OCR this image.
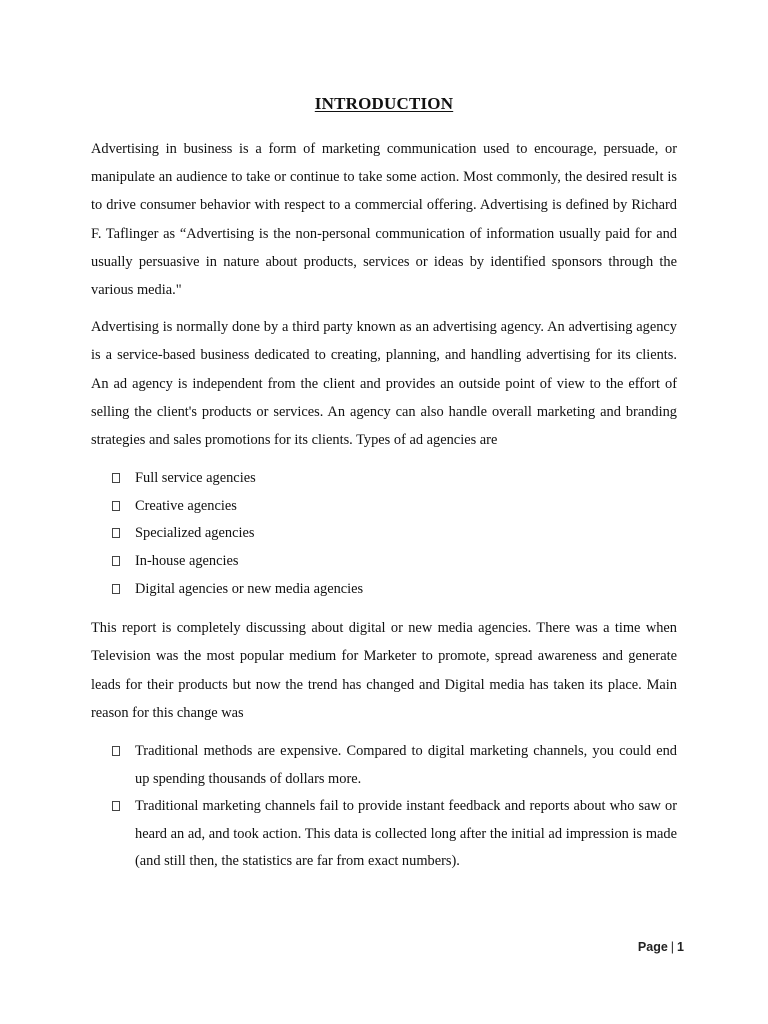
INTRODUCTION

Advertising in business is a form of marketing communication used to encourage, persuade, or manipulate an audience to take or continue to take some action. Most commonly, the desired result is to drive consumer behavior with respect to a commercial offering. Advertising is defined by Richard F. Taflinger as “Advertising is the non-personal communication of information usually paid for and usually persuasive in nature about products, services or ideas by identified sponsors through the various media."

Advertising is normally done by a third party known as an advertising agency. An advertising agency is a service-based business dedicated to creating, planning, and handling advertising for its clients. An ad agency is independent from the client and provides an outside point of view to the effort of selling the client's products or services. An agency can also handle overall marketing and branding strategies and sales promotions for its clients. Types of ad agencies are

Full service agencies
Creative agencies
Specialized agencies
In-house agencies
Digital agencies or new media agencies

This report is completely discussing about digital or new media agencies. There was a time when Television was the most popular medium for Marketer to promote, spread awareness and generate leads for their products but now the trend has changed and Digital media has taken its place. Main reason for this change was

Traditional methods are expensive. Compared to digital marketing channels, you could end up spending thousands of dollars more.
Traditional marketing channels fail to provide instant feedback and reports about who saw or heard an ad, and took action. This data is collected long after the initial ad impression is made (and still then, the statistics are far from exact numbers).
Page | 1
